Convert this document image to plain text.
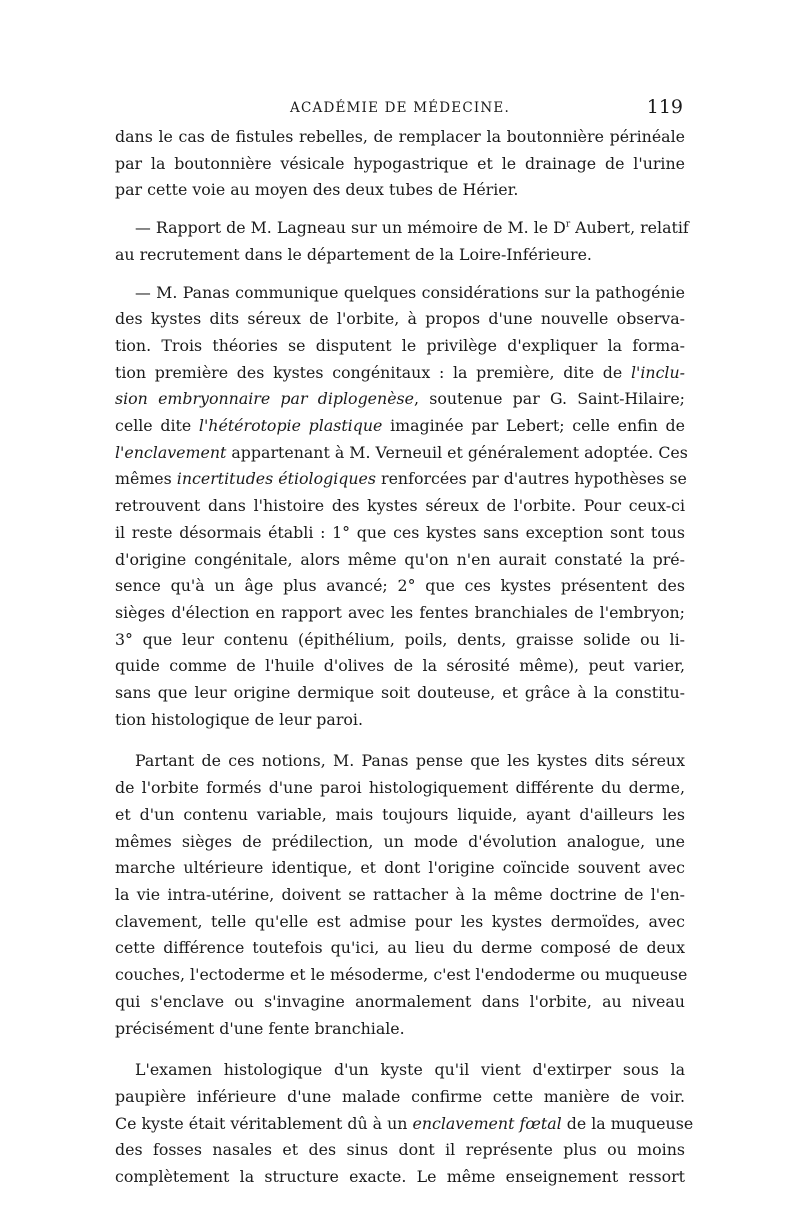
ACADÉMIE DE MÉDECINE.	119

dans le cas de fistules rebelles, de remplacer la boutonnière périnéale
par la boutonnière vésicale hypogastrique et le drainage de l'urine
par cette voie au moyen des deux tubes de Hérier.

— Rapport de M. Lagneau sur un mémoire de M. le $D^r$ Aubert, relatif
au recrutement dans le département de la Loire-Inférieure.

— M. Panas communique quelques considérations sur la pathogénie
des kystes dits séreux de l'orbite, à propos d'une nouvelle observa-
tion. Trois théories se disputent le privilège d'expliquer la forma-
tion première des kystes congénitaux : la première, dite de l'inclu-
sion embryonnaire par diplogenèse, soutenue par G. Saint-Hilaire;
celle dite l'hétérotopie plastique imaginée par Lebert; celle enfin de
l'enclavement appartenant à M. Verneuil et généralement adoptée. Ces
mêmes incertitudes étiologiques renforcées par d'autres hypothèses se
retrouvent dans l'histoire des kystes séreux de l'orbite. Pour ceux-ci
il reste désormais établi : 1° que ces kystes sans exception sont tous
d'origine congénitale, alors même qu'on n'en aurait constaté la pré-
sence qu'à un âge plus avancé; 2° que ces kystes présentent des
sièges d'élection en rapport avec les fentes branchiales de l'embryon;
3° que leur contenu (épithélium, poils, dents, graisse solide ou li-
quide comme de l'huile d'olives de la sérosité même), peut varier,
sans que leur origine dermique soit douteuse, et grâce à la constitu-
tion histologique de leur paroi.

Partant de ces notions, M. Panas pense que les kystes dits séreux
de l'orbite formés d'une paroi histologiquement différente du derme,
et d'un contenu variable, mais toujours liquide, ayant d'ailleurs les
mêmes sièges de prédilection, un mode d'évolution analogue, une
marche ultérieure identique, et dont l'origine coïncide souvent avec
la vie intra-utérine, doivent se rattacher à la même doctrine de l'en-
clavement, telle qu'elle est admise pour les kystes dermoïdes, avec
cette différence toutefois qu'ici, au lieu du derme composé de deux
couches, l'ectoderme et le mésoderme, c'est l'endoderme ou muqueuse
qui s'enclave ou s'invagine anormalement dans l'orbite, au niveau
précisément d'une fente branchiale.

L'examen histologique d'un kyste qu'il vient d'extirper sous la
paupière inférieure d'une malade confirme cette manière de voir.
Ce kyste était véritablement dû à un enclavement fœtal de la muqueuse
des fosses nasales et des sinus dont il représente plus ou moins
complètement la structure exacte. Le même enseignement ressort
